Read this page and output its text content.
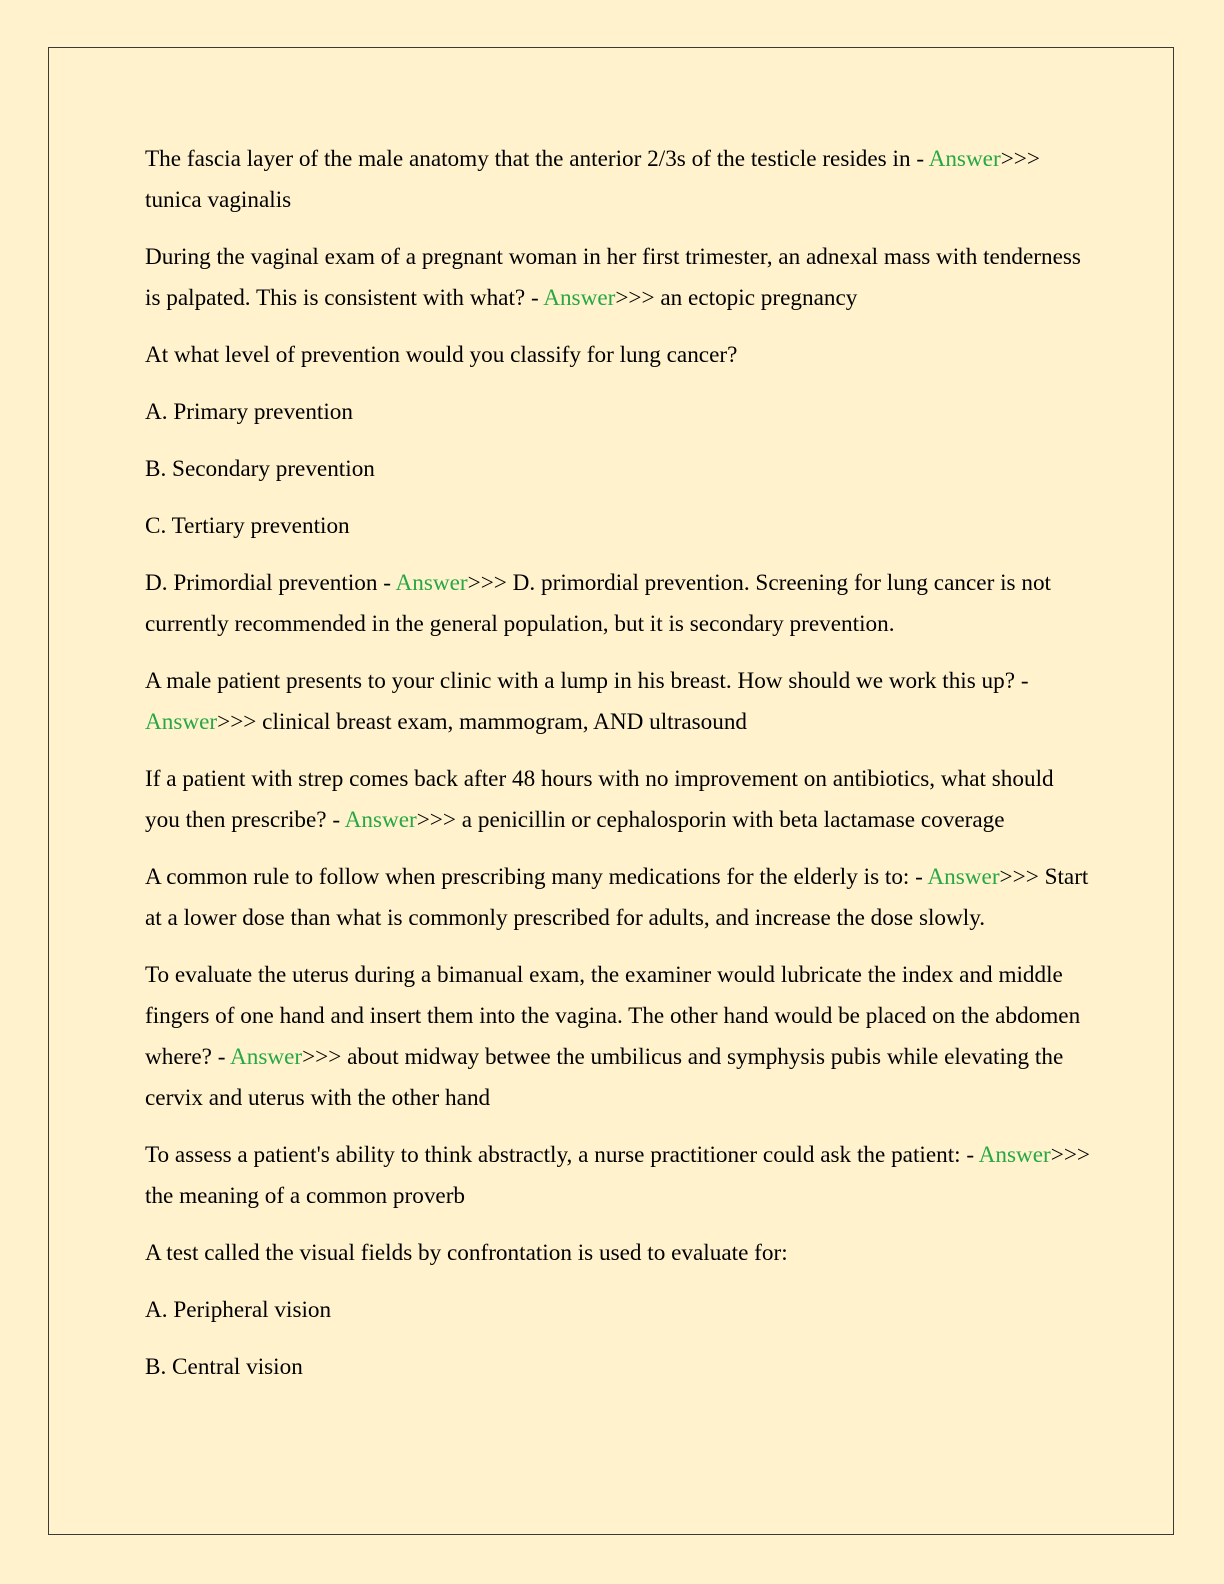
The fascia layer of the male anatomy that the anterior 2/3s of the testicle resides in - Answer>>> tunica vaginalis

During the vaginal exam of a pregnant woman in her first trimester, an adnexal mass with tenderness is palpated. This is consistent with what? - Answer>>> an ectopic pregnancy

At what level of prevention would you classify for lung cancer?

A. Primary prevention

B. Secondary prevention

C. Tertiary prevention

D. Primordial prevention - Answer>>> D. primordial prevention. Screening for lung cancer is not currently recommended in the general population, but it is secondary prevention.

A male patient presents to your clinic with a lump in his breast. How should we work this up? - Answer>>> clinical breast exam, mammogram, AND ultrasound

If a patient with strep comes back after 48 hours with no improvement on antibiotics, what should you then prescribe? - Answer>>> a penicillin or cephalosporin with beta lactamase coverage

A common rule to follow when prescribing many medications for the elderly is to: - Answer>>> Start at a lower dose than what is commonly prescribed for adults, and increase the dose slowly.

To evaluate the uterus during a bimanual exam, the examiner would lubricate the index and middle fingers of one hand and insert them into the vagina. The other hand would be placed on the abdomen where? - Answer>>> about midway betwee the umbilicus and symphysis pubis while elevating the cervix and uterus with the other hand

To assess a patient's ability to think abstractly, a nurse practitioner could ask the patient: - Answer>>> the meaning of a common proverb

A test called the visual fields by confrontation is used to evaluate for:

A. Peripheral vision

B. Central vision
